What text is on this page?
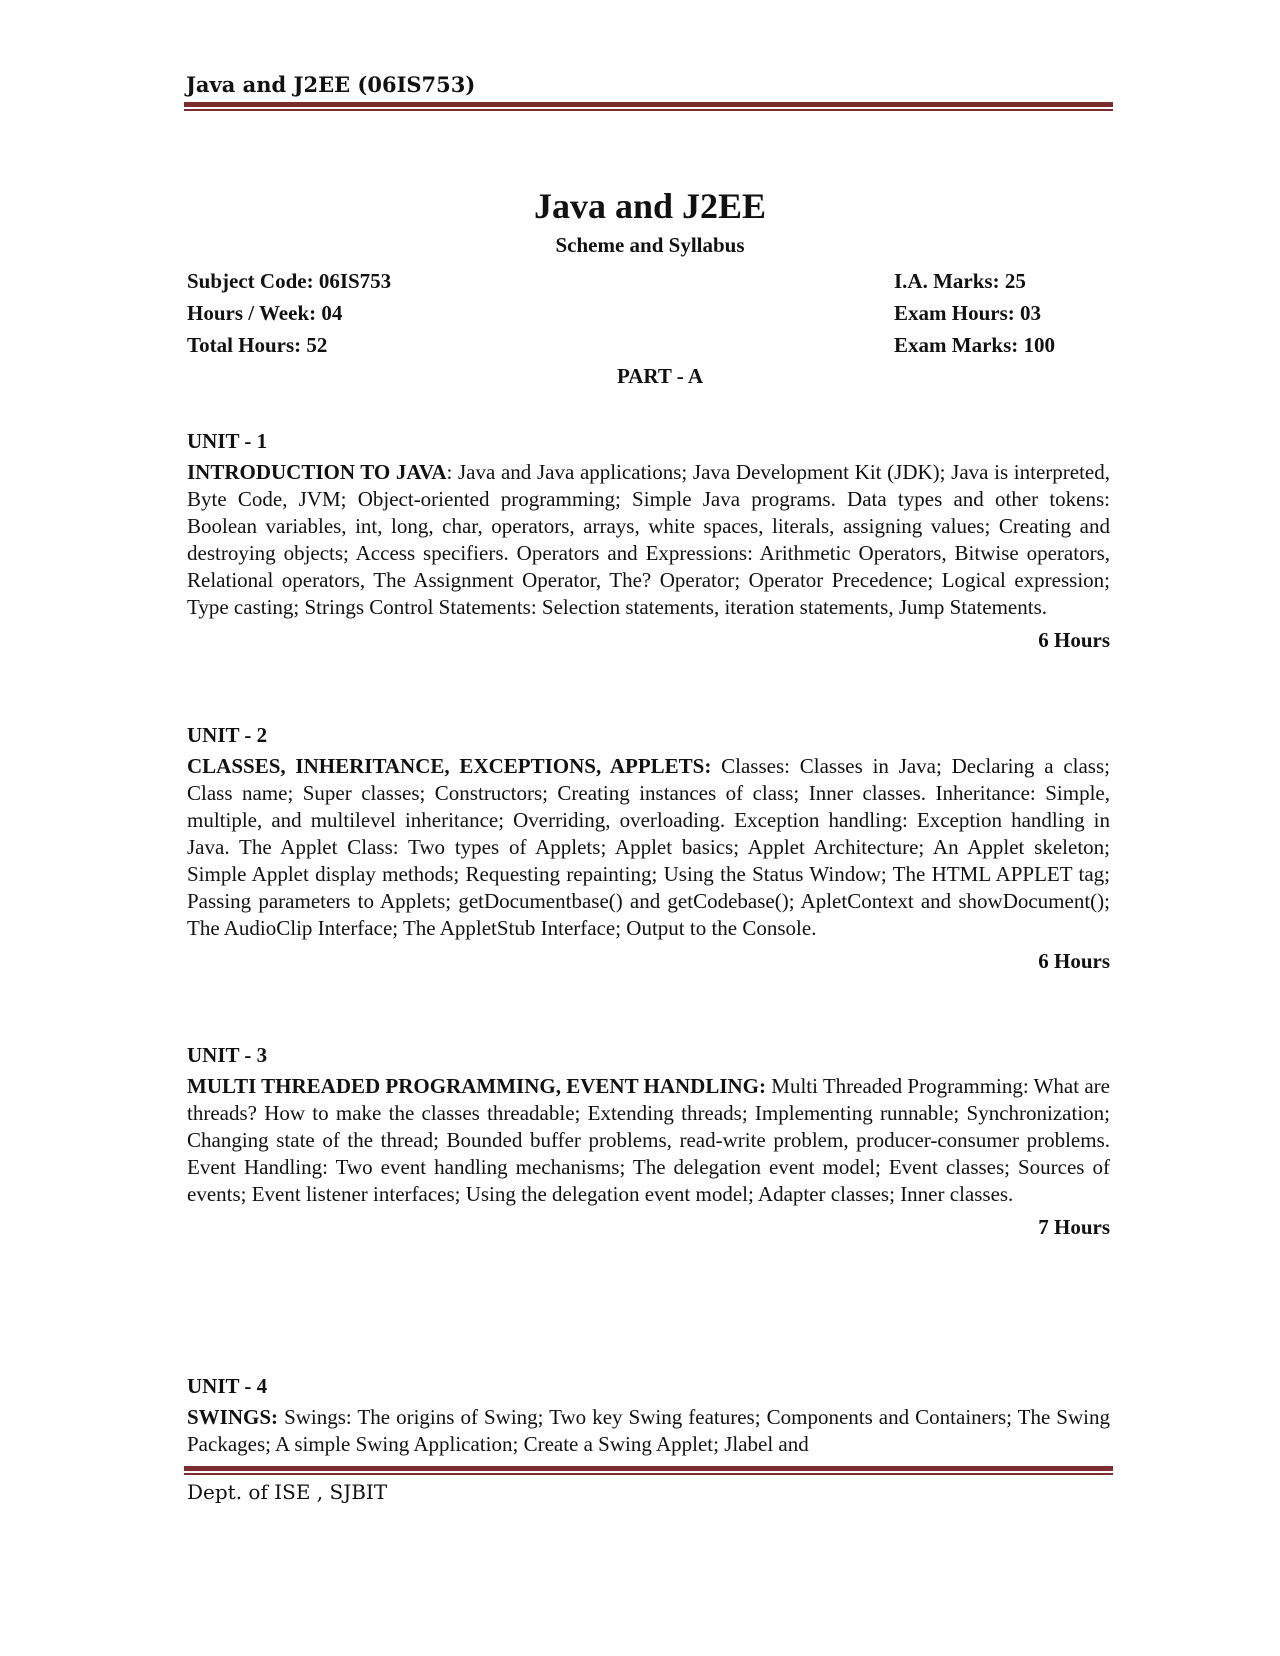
Java and J2EE (06IS753)
Java and J2EE
Scheme and Syllabus
Subject Code: 06IS753
Hours / Week: 04
Total Hours: 52
I.A. Marks: 25
Exam Hours: 03
Exam Marks: 100
PART - A
UNIT - 1
INTRODUCTION TO JAVA: Java and Java applications; Java Development Kit (JDK); Java is interpreted, Byte Code, JVM; Object-oriented programming; Simple Java programs. Data types and other tokens: Boolean variables, int, long, char, operators, arrays, white spaces, literals, assigning values; Creating and destroying objects; Access specifiers. Operators and Expressions: Arithmetic Operators, Bitwise operators, Relational operators, The Assignment Operator, The? Operator; Operator Precedence; Logical expression; Type casting; Strings Control Statements: Selection statements, iteration statements, Jump Statements.
6 Hours
UNIT - 2
CLASSES, INHERITANCE, EXCEPTIONS, APPLETS: Classes: Classes in Java; Declaring a class; Class name; Super classes; Constructors; Creating instances of class; Inner classes. Inheritance: Simple, multiple, and multilevel inheritance; Overriding, overloading. Exception handling: Exception handling in Java. The Applet Class: Two types of Applets; Applet basics; Applet Architecture; An Applet skeleton; Simple Applet display methods; Requesting repainting; Using the Status Window; The HTML APPLET tag; Passing parameters to Applets; getDocumentbase() and getCodebase(); ApletContext and showDocument(); The AudioClip Interface; The AppletStub Interface; Output to the Console.
6 Hours
UNIT - 3
MULTI THREADED PROGRAMMING, EVENT HANDLING: Multi Threaded Programming: What are threads? How to make the classes threadable; Extending threads; Implementing runnable; Synchronization; Changing state of the thread; Bounded buffer problems, read-write problem, producer-consumer problems. Event Handling: Two event handling mechanisms; The delegation event model; Event classes; Sources of events; Event listener interfaces; Using the delegation event model; Adapter classes; Inner classes.
7 Hours
UNIT - 4
SWINGS: Swings: The origins of Swing; Two key Swing features; Components and Containers; The Swing Packages; A simple Swing Application; Create a Swing Applet; Jlabel and
Dept. of ISE , SJBIT
